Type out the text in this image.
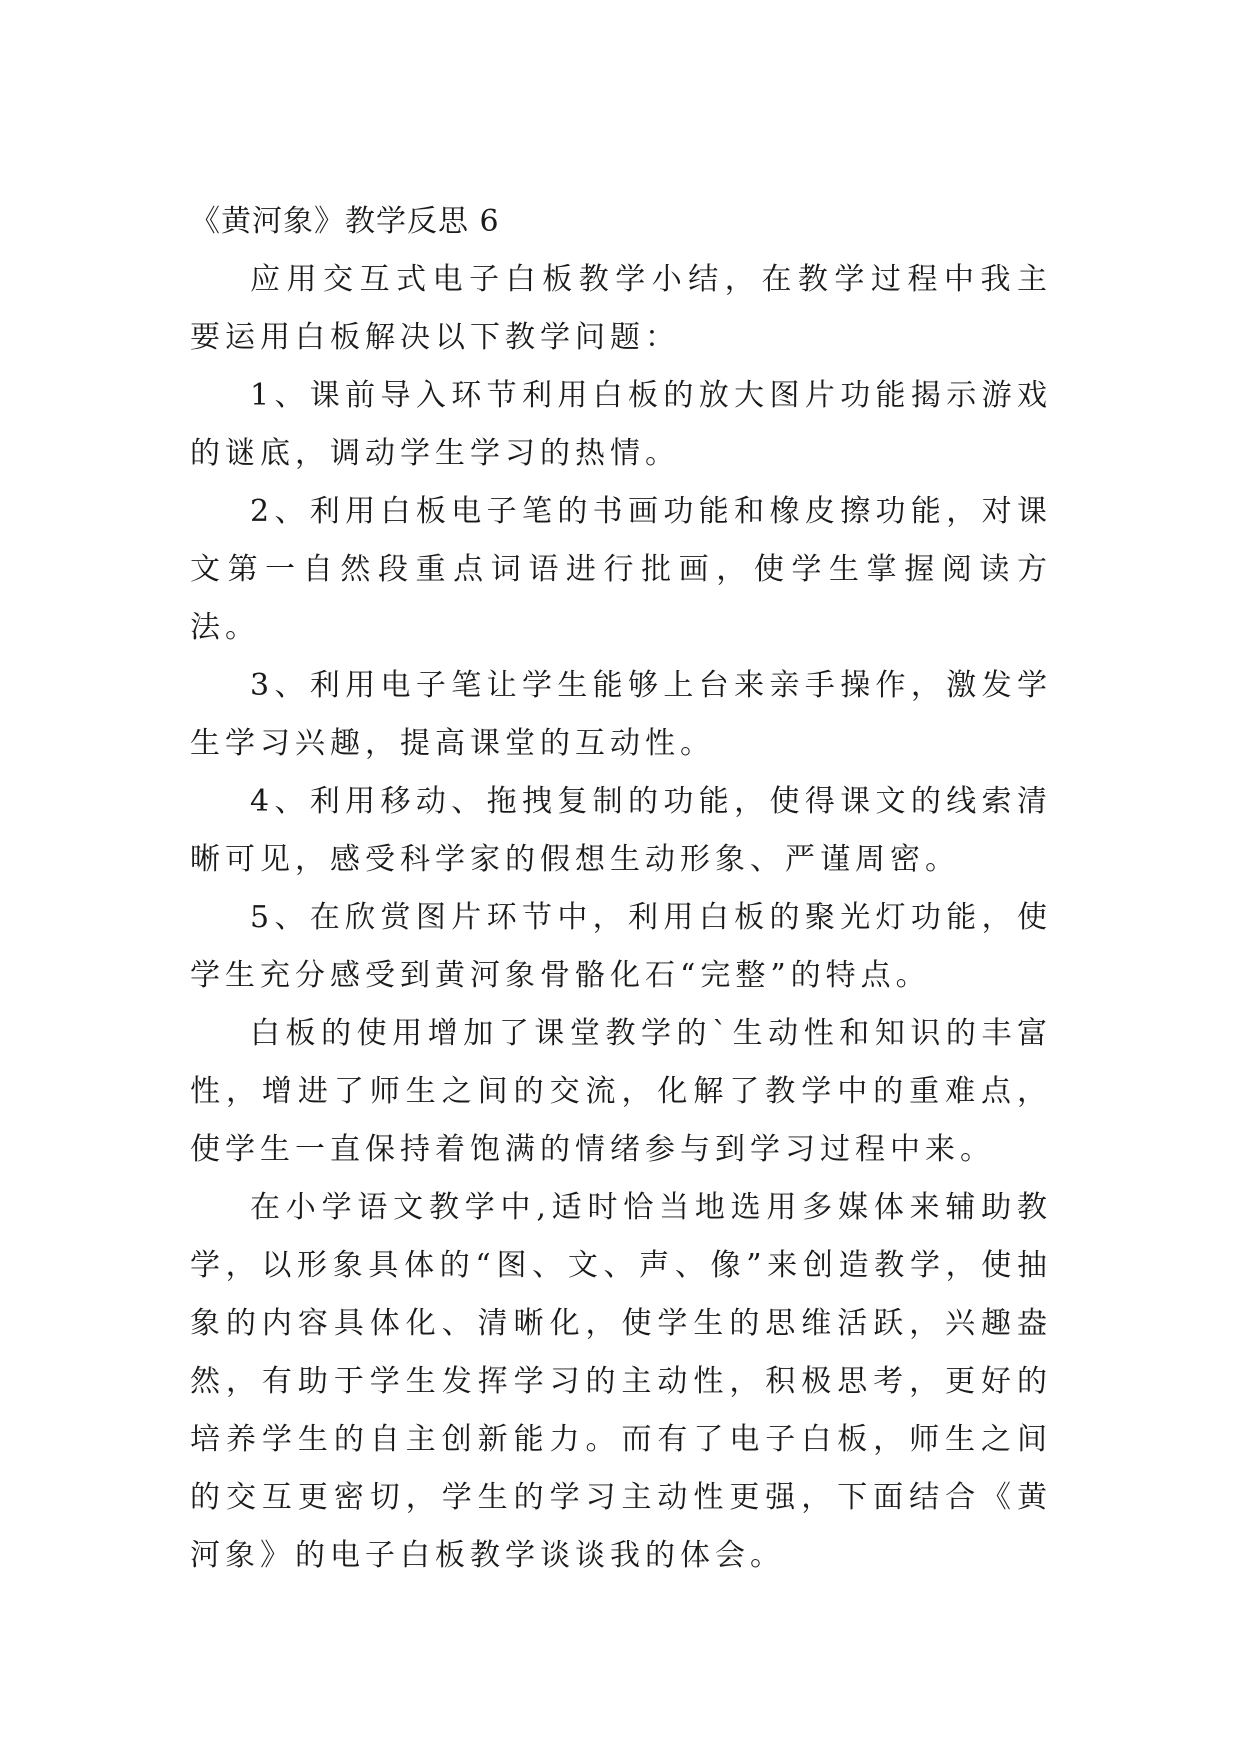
《黄河象》教学反思 6

应用交互式电子白板教学小结，在教学过程中我主要运用白板解决以下教学问题：

1、课前导入环节利用白板的放大图片功能揭示游戏的谜底，调动学生学习的热情。

2、利用白板电子笔的书画功能和橡皮擦功能，对课文第一自然段重点词语进行批画，使学生掌握阅读方法。

3、利用电子笔让学生能够上台来亲手操作，激发学生学习兴趣，提高课堂的互动性。

4、利用移动、拖拽复制的功能，使得课文的线索清晰可见，感受科学家的假想生动形象、严谨周密。

5、在欣赏图片环节中，利用白板的聚光灯功能，使学生充分感受到黄河象骨骼化石“完整”的特点。

白板的使用增加了课堂教学的`生动性和知识的丰富性，增进了师生之间的交流，化解了教学中的重难点，使学生一直保持着饱满的情绪参与到学习过程中来。

在小学语文教学中,适时恰当地选用多媒体来辅助教学，以形象具体的“图、文、声、像”来创造教学，使抽象的内容具体化、清晰化，使学生的思维活跃，兴趣盎然，有助于学生发挥学习的主动性，积极思考，更好的培养学生的自主创新能力。而有了电子白板，师生之间的交互更密切，学生的学习主动性更强，下面结合《黄河象》的电子白板教学谈谈我的体会。
